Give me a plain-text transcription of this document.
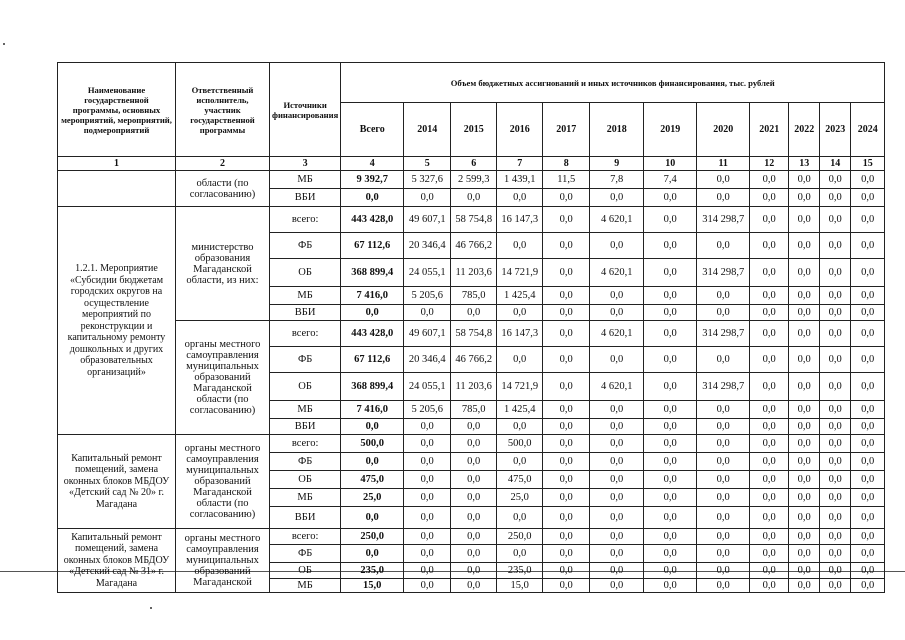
Наименование государственной программы, основных мероприятий, мероприятий, подмероприятий	Ответственный исполнитель, участник государственной программы	Источники финансирования	Объем бюджетных ассигнований и иных источников финансирования, тыс. рублей											
			Всего	2014	2015	2016	2017	2018	2019	2020	2021	2022	2023	2024
1	2	3	4	5	6	7	8	9	10	11	12	13	14	15
	области (по согласованию)	МБ	9 392,7	5 327,6	2 599,3	1 439,1	11,5	7,8	7,4	0,0	0,0	0,0	0,0	0,0
		ВБИ	0,0	0,0	0,0	0,0	0,0	0,0	0,0	0,0	0,0	0,0	0,0	0,0
1.2.1. Мероприятие «Субсидии бюджетам городских округов на осуществление мероприятий по реконструкции и капитальному ремонту дошкольных и других образовательных организаций»	министерство образования Магаданской области, из них:	всего:	443 428,0	49 607,1	58 754,8	16 147,3	0,0	4 620,1	0,0	314 298,7	0,0	0,0	0,0	0,0
		ФБ	67 112,6	20 346,4	46 766,2	0,0	0,0	0,0	0,0	0,0	0,0	0,0	0,0	0,0
		ОБ	368 899,4	24 055,1	11 203,6	14 721,9	0,0	4 620,1	0,0	314 298,7	0,0	0,0	0,0	0,0
		МБ	7 416,0	5 205,6	785,0	1 425,4	0,0	0,0	0,0	0,0	0,0	0,0	0,0	0,0
		ВБИ	0,0	0,0	0,0	0,0	0,0	0,0	0,0	0,0	0,0	0,0	0,0	0,0
	органы местного самоуправления муниципальных образований Магаданской области (по согласованию)	всего:	443 428,0	49 607,1	58 754,8	16 147,3	0,0	4 620,1	0,0	314 298,7	0,0	0,0	0,0	0,0
		ФБ	67 112,6	20 346,4	46 766,2	0,0	0,0	0,0	0,0	0,0	0,0	0,0	0,0	0,0
		ОБ	368 899,4	24 055,1	11 203,6	14 721,9	0,0	4 620,1	0,0	314 298,7	0,0	0,0	0,0	0,0
		МБ	7 416,0	5 205,6	785,0	1 425,4	0,0	0,0	0,0	0,0	0,0	0,0	0,0	0,0
		ВБИ	0,0	0,0	0,0	0,0	0,0	0,0	0,0	0,0	0,0	0,0	0,0	0,0
Капитальный ремонт помещений, замена оконных блоков МБДОУ «Детский сад № 20» г. Магадана	органы местного самоуправления муниципальных образований Магаданской области (по согласованию)	всего:	500,0	0,0	0,0	500,0	0,0	0,0	0,0	0,0	0,0	0,0	0,0	0,0
		ФБ	0,0	0,0	0,0	0,0	0,0	0,0	0,0	0,0	0,0	0,0	0,0	0,0
		ОБ	475,0	0,0	0,0	475,0	0,0	0,0	0,0	0,0	0,0	0,0	0,0	0,0
		МБ	25,0	0,0	0,0	25,0	0,0	0,0	0,0	0,0	0,0	0,0	0,0	0,0
		ВБИ	0,0	0,0	0,0	0,0	0,0	0,0	0,0	0,0	0,0	0,0	0,0	0,0
Капитальный ремонт помещений, замена оконных блоков МБДОУ «Детский сад № 31» г. Магадана	органы местного самоуправления муниципальных образований Магаданской	всего:	250,0	0,0	0,0	250,0	0,0	0,0	0,0	0,0	0,0	0,0	0,0	0,0
		ФБ	0,0	0,0	0,0	0,0	0,0	0,0	0,0	0,0	0,0	0,0	0,0	0,0
		ОБ	235,0	0,0	0,0	235,0	0,0	0,0	0,0	0,0	0,0	0,0	0,0	0,0
		МБ	15,0	0,0	0,0	15,0	0,0	0,0	0,0	0,0	0,0	0,0	0,0	0,0
